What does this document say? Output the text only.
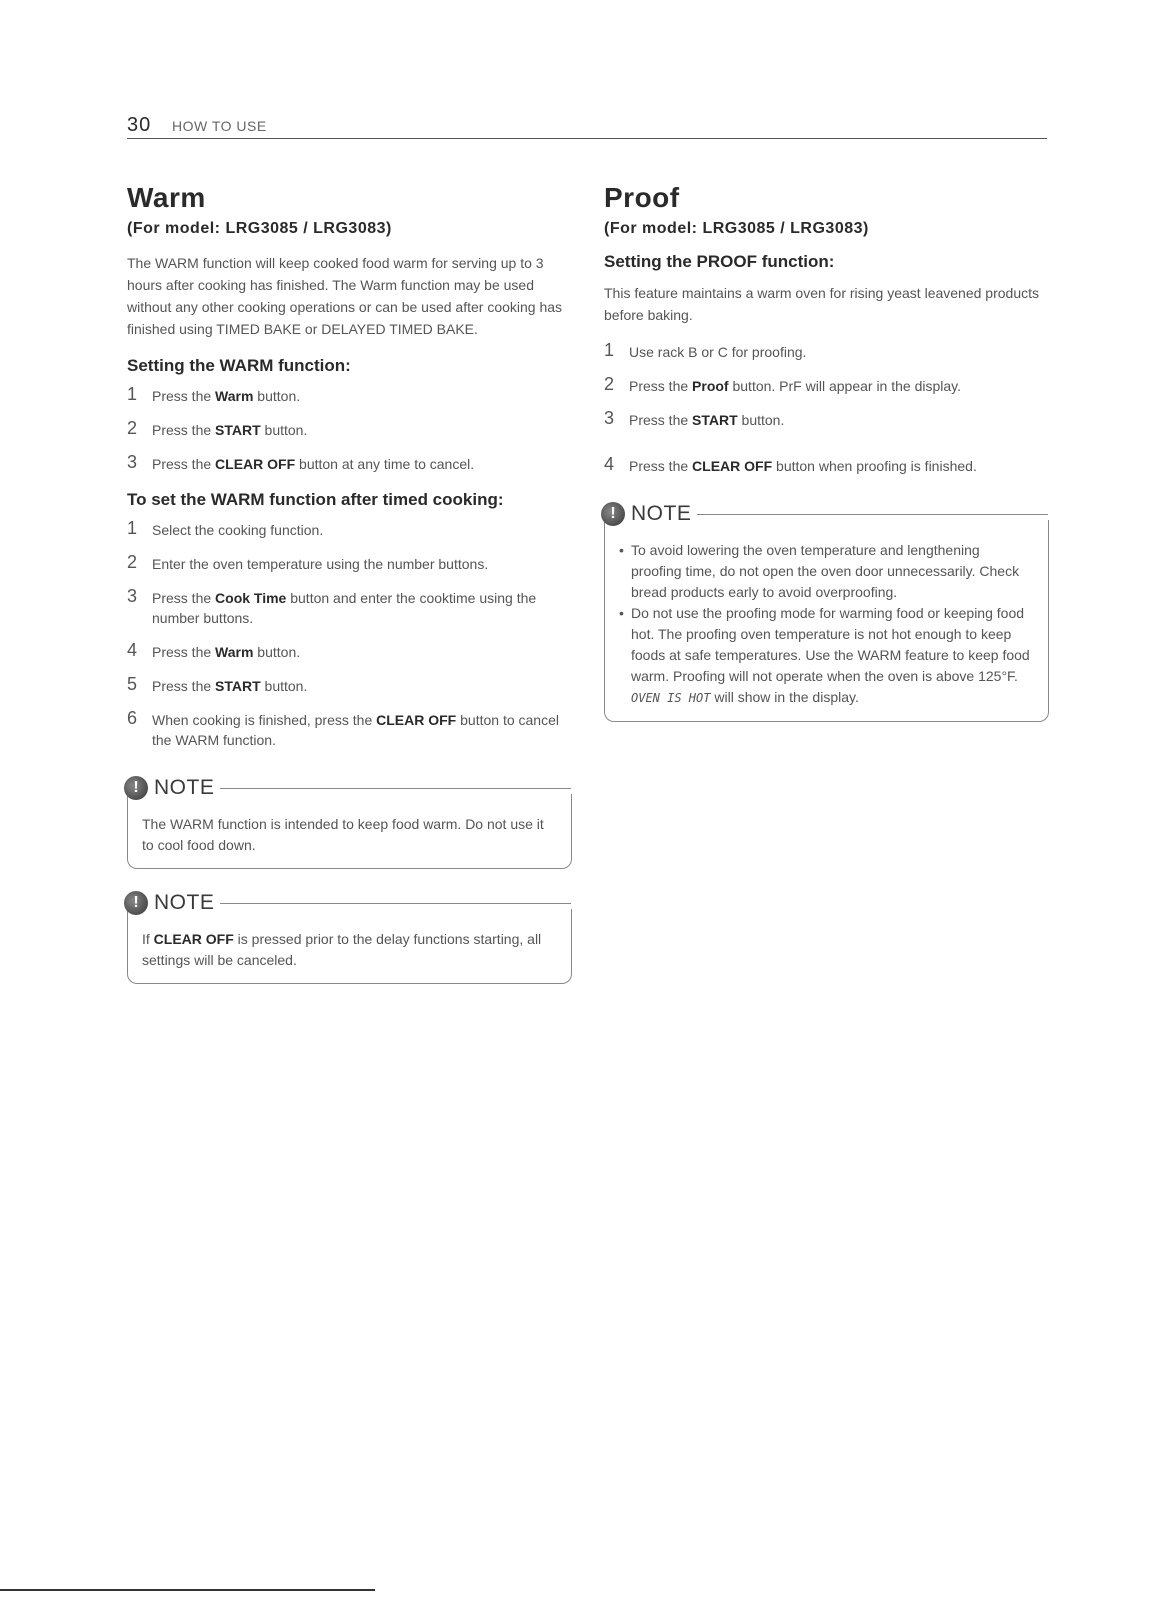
30 HOW TO USE
Warm
(For model: LRG3085 / LRG3083)

The WARM function will keep cooked food warm for serving up to 3 hours after cooking has finished. The Warm function may be used without any other cooking operations or can be used after cooking has finished using TIMED BAKE or DELAYED TIMED BAKE.

Setting the WARM function:
1 Press the Warm button.
2 Press the START button.
3 Press the CLEAR OFF button at any time to cancel.
To set the WARM function after timed cooking:
1 Select the cooking function.
2 Enter the oven temperature using the number buttons.
3 Press the Cook Time button and enter the cooktime using the number buttons.
4 Press the Warm button.
5 Press the START button.
6 When cooking is finished, press the CLEAR OFF button to cancel the WARM function.
! NOTE
The WARM function is intended to keep food warm. Do not use it to cool food down.
! NOTE
If CLEAR OFF is pressed prior to the delay functions starting, all settings will be canceled.
Proof
(For model: LRG3085 / LRG3083)
Setting the PROOF function:

This feature maintains a warm oven for rising yeast leavened products before baking.

1 Use rack B or C for proofing.
2 Press the Proof button. PrF will appear in the display.
3 Press the START button.
4 Press the CLEAR OFF button when proofing is finished.
! NOTE
• To avoid lowering the oven temperature and lengthening proofing time, do not open the oven door unnecessarily. Check bread products early to avoid overproofing.
• Do not use the proofing mode for warming food or keeping food hot. The proofing oven temperature is not hot enough to keep foods at safe temperatures. Use the WARM feature to keep food warm. Proofing will not operate when the oven is above 125°F. OVEN IS HOT will show in the display.
